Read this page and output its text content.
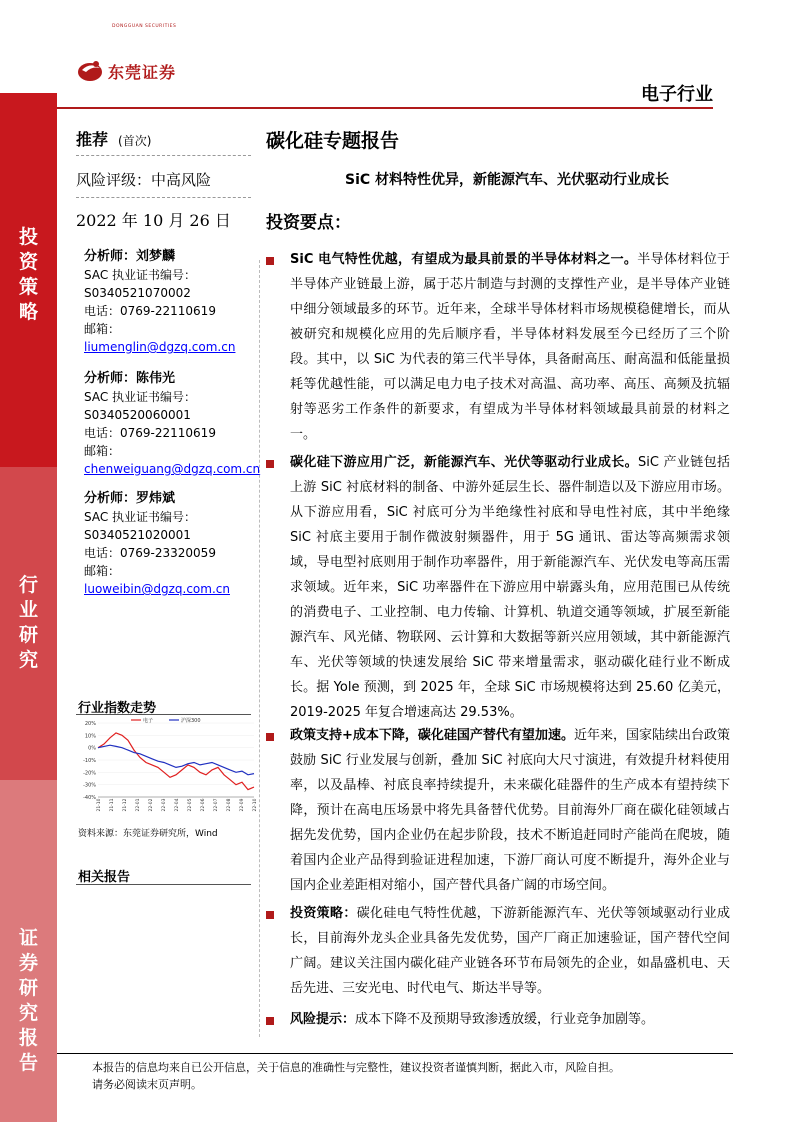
投资策略
行业研究
证券研究报告
东莞证券
DONGGUAN SECURITIES
电子行业
推荐 (首次)
风险评级：中高风险
2022 年 10 月 26 日
分析师：刘梦麟
SAC 执业证书编号：
S0340521070002
电话：0769-22110619
邮箱：
liumenglin@dgzq.com.cn
分析师：陈伟光
SAC 执业证书编号：
S0340520060001
电话：0769-22110619
邮箱：
chenweiguang@dgzq.com.cn
分析师：罗炜斌
SAC 执业证书编号：
S0340521020001
电话：0769-23320059
邮箱：
luoweibin@dgzq.com.cn
行业指数走势
20%
10%
0%
-10%
-20%
-30%
-40%
21-10 21-11 21-12 22-01 22-02 22-03 22-04 22-05 22-06 22-07 22-08 22-09 22-10
电子	沪深300
资料来源：东莞证券研究所，Wind
相关报告
碳化硅专题报告
SiC 材料特性优异，新能源汽车、光伏驱动行业成长
投资要点：
SiC 电气特性优越，有望成为最具前景的半导体材料之一。半导体材料位于半导体产业链最上游，属于芯片制造与封测的支撑性产业，是半导体产业链中细分领域最多的环节。近年来，全球半导体材料市场规模稳健增长，而从被研究和规模化应用的先后顺序看，半导体材料发展至今已经历了三个阶段。其中，以 SiC 为代表的第三代半导体，具备耐高压、耐高温和低能量损耗等优越性能，可以满足电力电子技术对高温、高功率、高压、高频及抗辐射等恶劣工作条件的新要求，有望成为半导体材料领域最具前景的材料之一。
碳化硅下游应用广泛，新能源汽车、光伏等驱动行业成长。SiC 产业链包括上游 SiC 衬底材料的制备、中游外延层生长、器件制造以及下游应用市场。从下游应用看，SiC 衬底可分为半绝缘性衬底和导电性衬底，其中半绝缘 SiC 衬底主要用于制作微波射频器件，用于 5G 通讯、雷达等高频需求领域，导电型衬底则用于制作功率器件，用于新能源汽车、光伏发电等高压需求领域。近年来，SiC 功率器件在下游应用中崭露头角，应用范围已从传统的消费电子、工业控制、电力传输、计算机、轨道交通等领域，扩展至新能源汽车、风光储、物联网、云计算和大数据等新兴应用领域，其中新能源汽车、光伏等领域的快速发展给 SiC 带来增量需求，驱动碳化硅行业不断成长。据 Yole 预测，到 2025 年，全球 SiC 市场规模将达到 25.60 亿美元，2019-2025 年复合增速高达 29.53%。
政策支持+成本下降，碳化硅国产替代有望加速。近年来，国家陆续出台政策鼓励 SiC 行业发展与创新，叠加 SiC 衬底向大尺寸演进，有效提升材料使用率，以及晶棒、衬底良率持续提升，未来碳化硅器件的生产成本有望持续下降，预计在高电压场景中将先具备替代优势。目前海外厂商在碳化硅领域占据先发优势，国内企业仍在起步阶段，技术不断追赶同时产能尚在爬坡，随着国内企业产品得到验证进程加速，下游厂商认可度不断提升，海外企业与国内企业差距相对缩小，国产替代具备广阔的市场空间。
投资策略：碳化硅电气特性优越，下游新能源汽车、光伏等领域驱动行业成长，目前海外龙头企业具备先发优势，国产厂商正加速验证，国产替代空间广阔。建议关注国内碳化硅产业链各环节布局领先的企业，如晶盛机电、天岳先进、三安光电、时代电气、斯达半导等。
风险提示：成本下降不及预期导致渗透放缓，行业竞争加剧等。
本报告的信息均来自已公开信息，关于信息的准确性与完整性，建议投资者谨慎判断，据此入市，风险自担。
请务必阅读末页声明。
